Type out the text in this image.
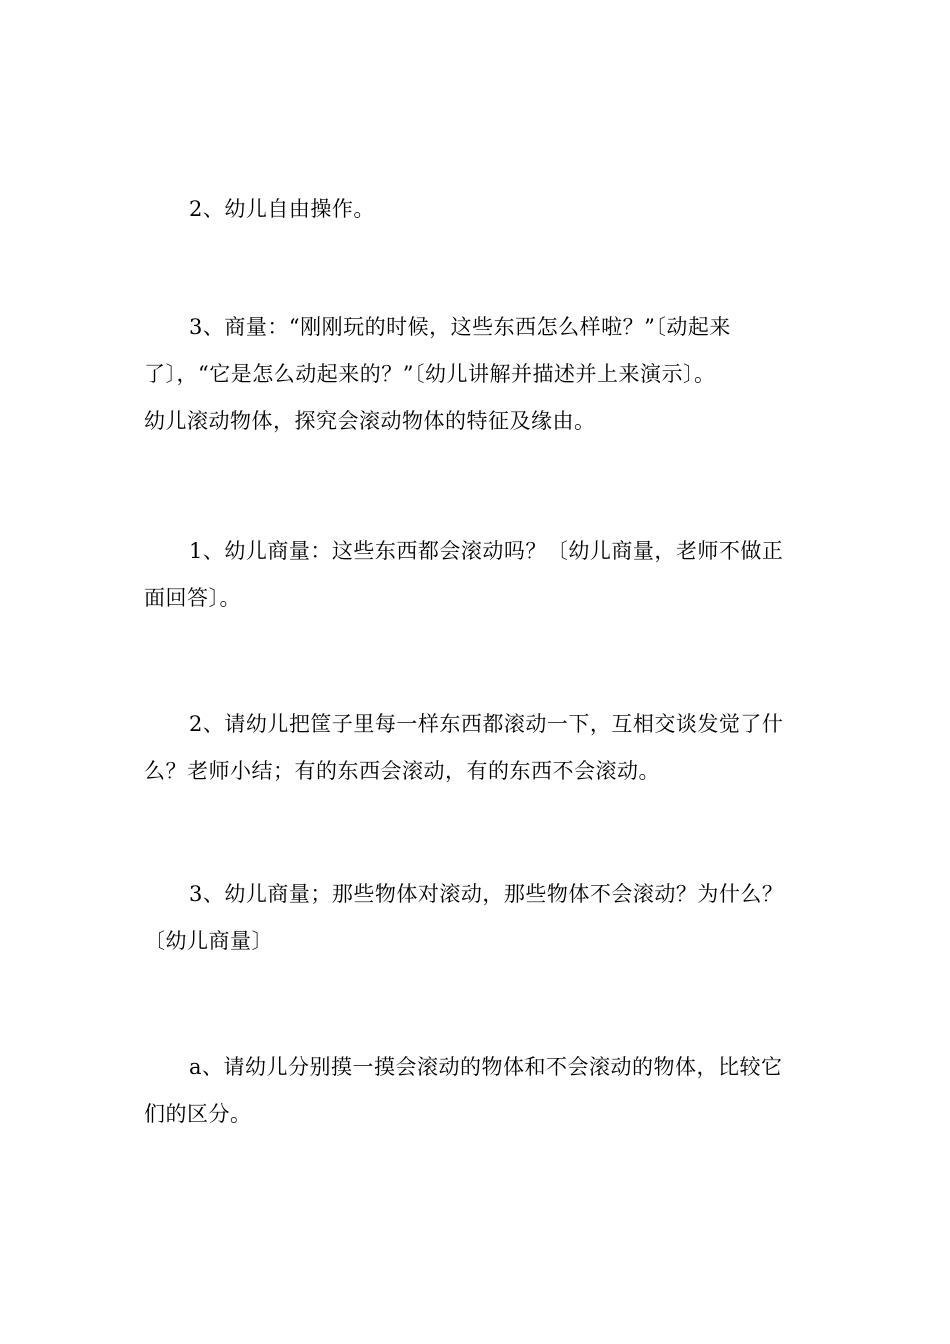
2、幼儿自由操作。

3、商量：“刚刚玩的时候，这些东西怎么样啦？”〔动起来
了〕，“它是怎么动起来的？”〔幼儿讲解并描述并上来演示〕。
幼儿滚动物体，探究会滚动物体的特征及缘由。

1、幼儿商量：这些东西都会滚动吗？〔幼儿商量，老师不做正
面回答〕。

2、请幼儿把筐子里每一样东西都滚动一下，互相交谈发觉了什
么？老师小结；有的东西会滚动，有的东西不会滚动。

3、幼儿商量；那些物体对滚动，那些物体不会滚动？为什么？
〔幼儿商量〕

a、请幼儿分别摸一摸会滚动的物体和不会滚动的物体，比较它
们的区分。
